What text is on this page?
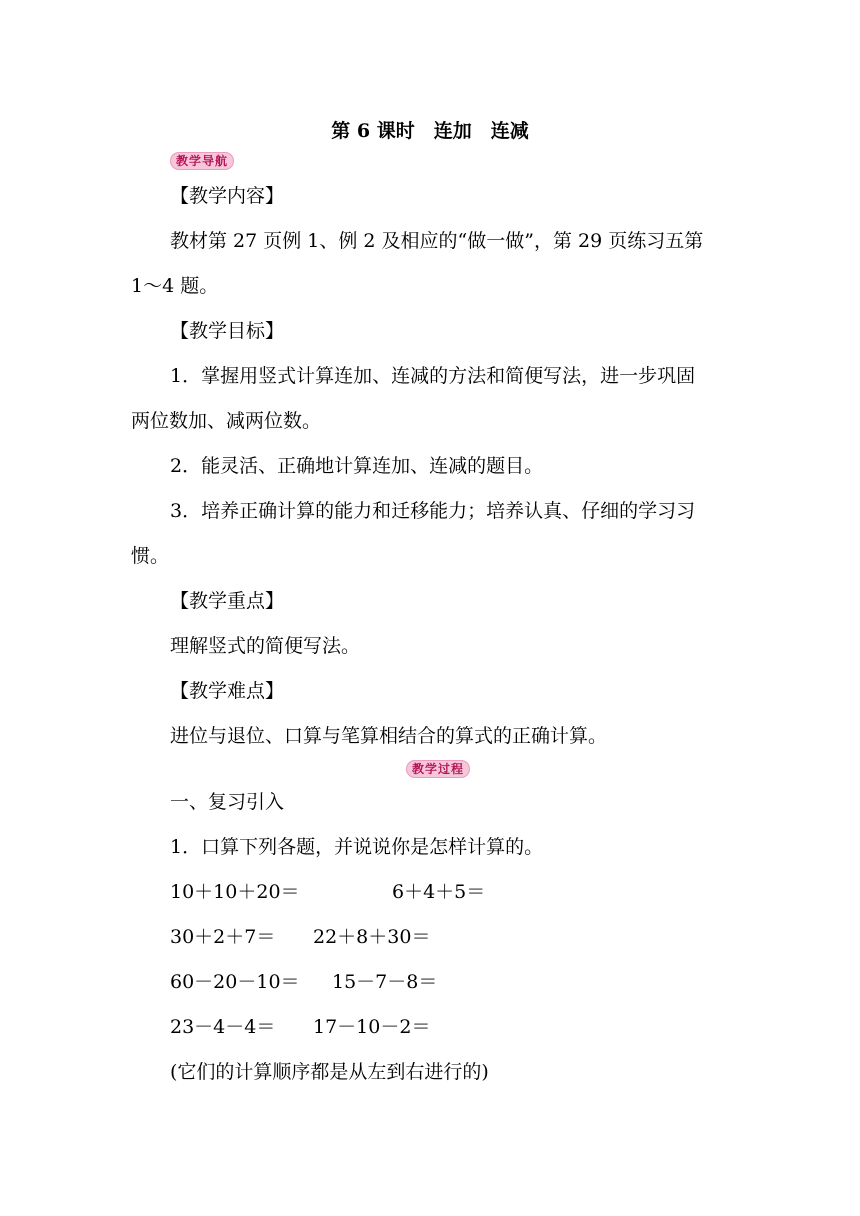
第 6 课时　连加　连减
教学导航
【教学内容】
教材第 27 页例 1、例 2 及相应的“做一做”，第 29 页练习五第
1～4 题。
【教学目标】
1．掌握用竖式计算连加、连减的方法和简便写法，进一步巩固
两位数加、减两位数。
2．能灵活、正确地计算连加、连减的题目。
3．培养正确计算的能力和迁移能力；培养认真、仔细的学习习
惯。
【教学重点】
理解竖式的简便写法。
【教学难点】
进位与退位、口算与笔算相结合的算式的正确计算。
教学过程
一、复习引入
1．口算下列各题，并说说你是怎样计算的。
10＋10＋20＝	6＋4＋5＝
30＋2＋7＝ 22＋8＋30＝
60－20－10＝ 15－7－8＝
23－4－4＝ 17－10－2＝
(它们的计算顺序都是从左到右进行的)
